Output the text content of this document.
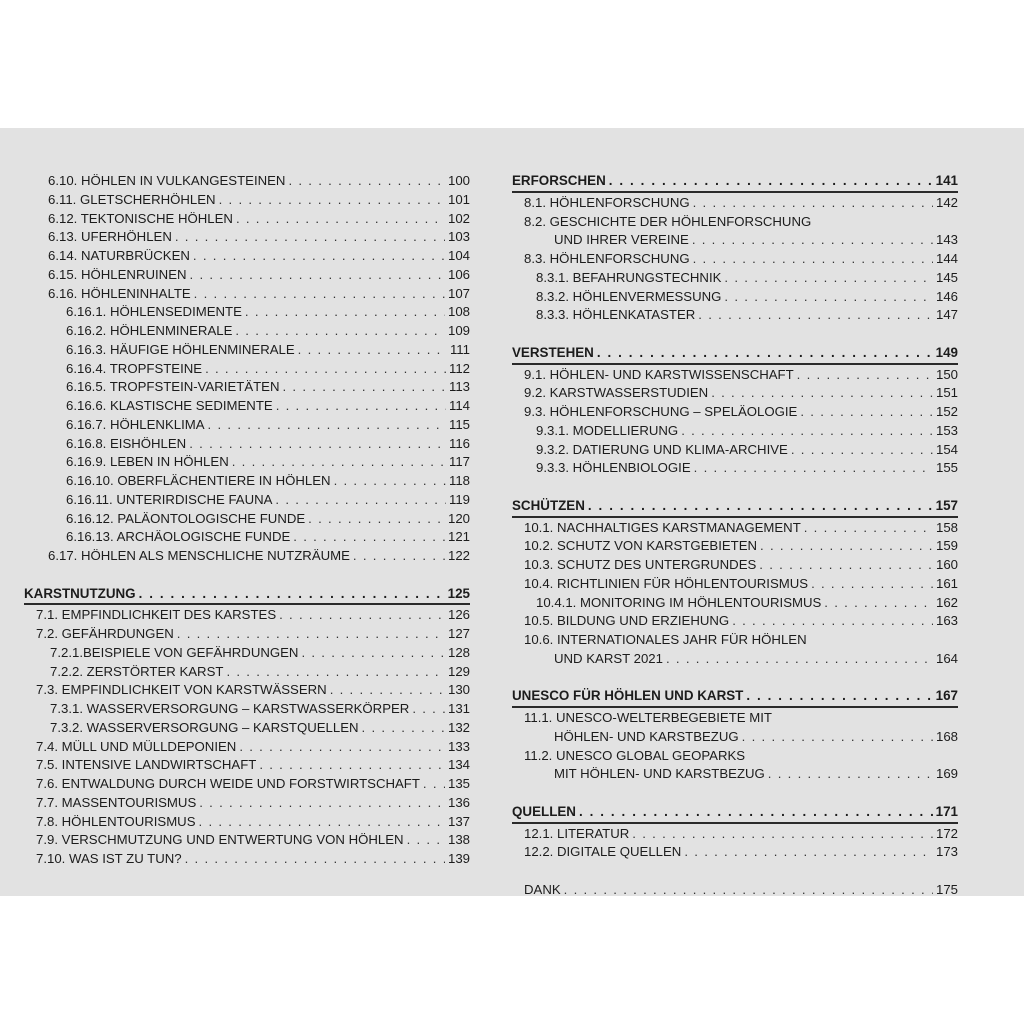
6.10. HÖHLEN IN VULKANGESTEINEN . . .	100
6.11. GLETSCHERHÖHLEN . . .	101
6.12. TEKTONISCHE HÖHLEN . . .	102
6.13. UFERHÖHLEN . . .	103
6.14. NATURBRÜCKEN . . .	104
6.15. HÖHLENRUINEN . . .	106
6.16. HÖHLENINHALTE . . .	107
6.16.1. HÖHLENSEDIMENTE . . .	108
6.16.2. HÖHLENMINERALE . . .	109
6.16.3. HÄUFIGE HÖHLENMINERALE . . .	111
6.16.4. TROPFSTEINE . . .	112
6.16.5. TROPFSTEIN-VARIETÄTEN . . .	113
6.16.6. KLASTISCHE SEDIMENTE . . .	114
6.16.7. HÖHLENKLIMA . . .	115
6.16.8. EISHÖHLEN . . .	116
6.16.9. LEBEN IN HÖHLEN . . .	117
6.16.10. OBERFLÄCHENTIERE IN HÖHLEN . . .	118
6.16.11. UNTERIRDISCHE FAUNA . . .	119
6.16.12. PALÄONTOLOGISCHE FUNDE . . .	120
6.16.13. ARCHÄOLOGISCHE FUNDE . . .	121
6.17. HÖHLEN ALS MENSCHLICHE NUTZRÄUME . . .	122
KARSTNUTZUNG . . .	125
7.1. EMPFINDLICHKEIT DES KARSTES . . .	126
7.2. GEFÄHRDUNGEN . . .	127
7.2.1.BEISPIELE VON GEFÄHRDUNGEN . . .	128
7.2.2. ZERSTÖRTER KARST . . .	129
7.3. EMPFINDLICHKEIT VON KARSTWÄSSERN . . .	130
7.3.1. WASSERVERSORGUNG – KARSTWASSERKÖRPER . . .	131
7.3.2. WASSERVERSORGUNG – KARSTQUELLEN . . .	132
7.4. MÜLL UND MÜLLDEPONIEN . . .	133
7.5. INTENSIVE LANDWIRTSCHAFT . . .	134
7.6. ENTWALDUNG DURCH WEIDE UND FORSTWIRTSCHAFT . . . 135
7.7. MASSENTOURISMUS . . .	136
7.8. HÖHLENTOURISMUS . . .	137
7.9. VERSCHMUTZUNG UND ENTWERTUNG VON HÖHLEN . . .	138
7.10. WAS IST ZU TUN? . . .	139
ERFORSCHEN . . .	141
8.1. HÖHLENFORSCHUNG . . .	142
8.2. GESCHICHTE DER HÖHLENFORSCHUNG
UND IHRER VEREINE . . .	143
8.3. HÖHLENFORSCHUNG . . .	144
8.3.1. BEFAHRUNGSTECHNIK . . .	145
8.3.2. HÖHLENVERMESSUNG . . .	146
8.3.3. HÖHLENKATASTER . . .	147
VERSTEHEN . . .	149
9.1. HÖHLEN- UND KARSTWISSENSCHAFT . . .	150
9.2. KARSTWASSERSTUDIEN . . .	151
9.3. HÖHLENFORSCHUNG – SPELÄOLOGIE . . .	152
9.3.1. MODELLIERUNG . . .	153
9.3.2. DATIERUNG UND KLIMA-ARCHIVE . . .	154
9.3.3. HÖHLENBIOLOGIE . . .	155
SCHÜTZEN . . .	157
10.1. NACHHALTIGES KARSTMANAGEMENT . . .	158
10.2. SCHUTZ VON KARSTGEBIETEN . . .	159
10.3. SCHUTZ DES UNTERGRUNDES . . .	160
10.4. RICHTLINIEN FÜR HÖHLENTOURISMUS . . .	161
10.4.1. MONITORING IM HÖHLENTOURISMUS . . .	162
10.5. BILDUNG UND ERZIEHUNG . . .	163
10.6. INTERNATIONALES JAHR FÜR HÖHLEN
UND KARST 2021 . . .	164
UNESCO FÜR HÖHLEN UND KARST . . .	167
11.1. UNESCO-WELTERBEGEBIETE MIT
HÖHLEN- UND KARSTBEZUG . . .	168
11.2. UNESCO GLOBAL GEOPARKS
MIT HÖHLEN- UND KARSTBEZUG . . .	169
QUELLEN . . .	171
12.1. LITERATUR . . .	172
12.2. DIGITALE QUELLEN . . .	173
DANK . . .	175
